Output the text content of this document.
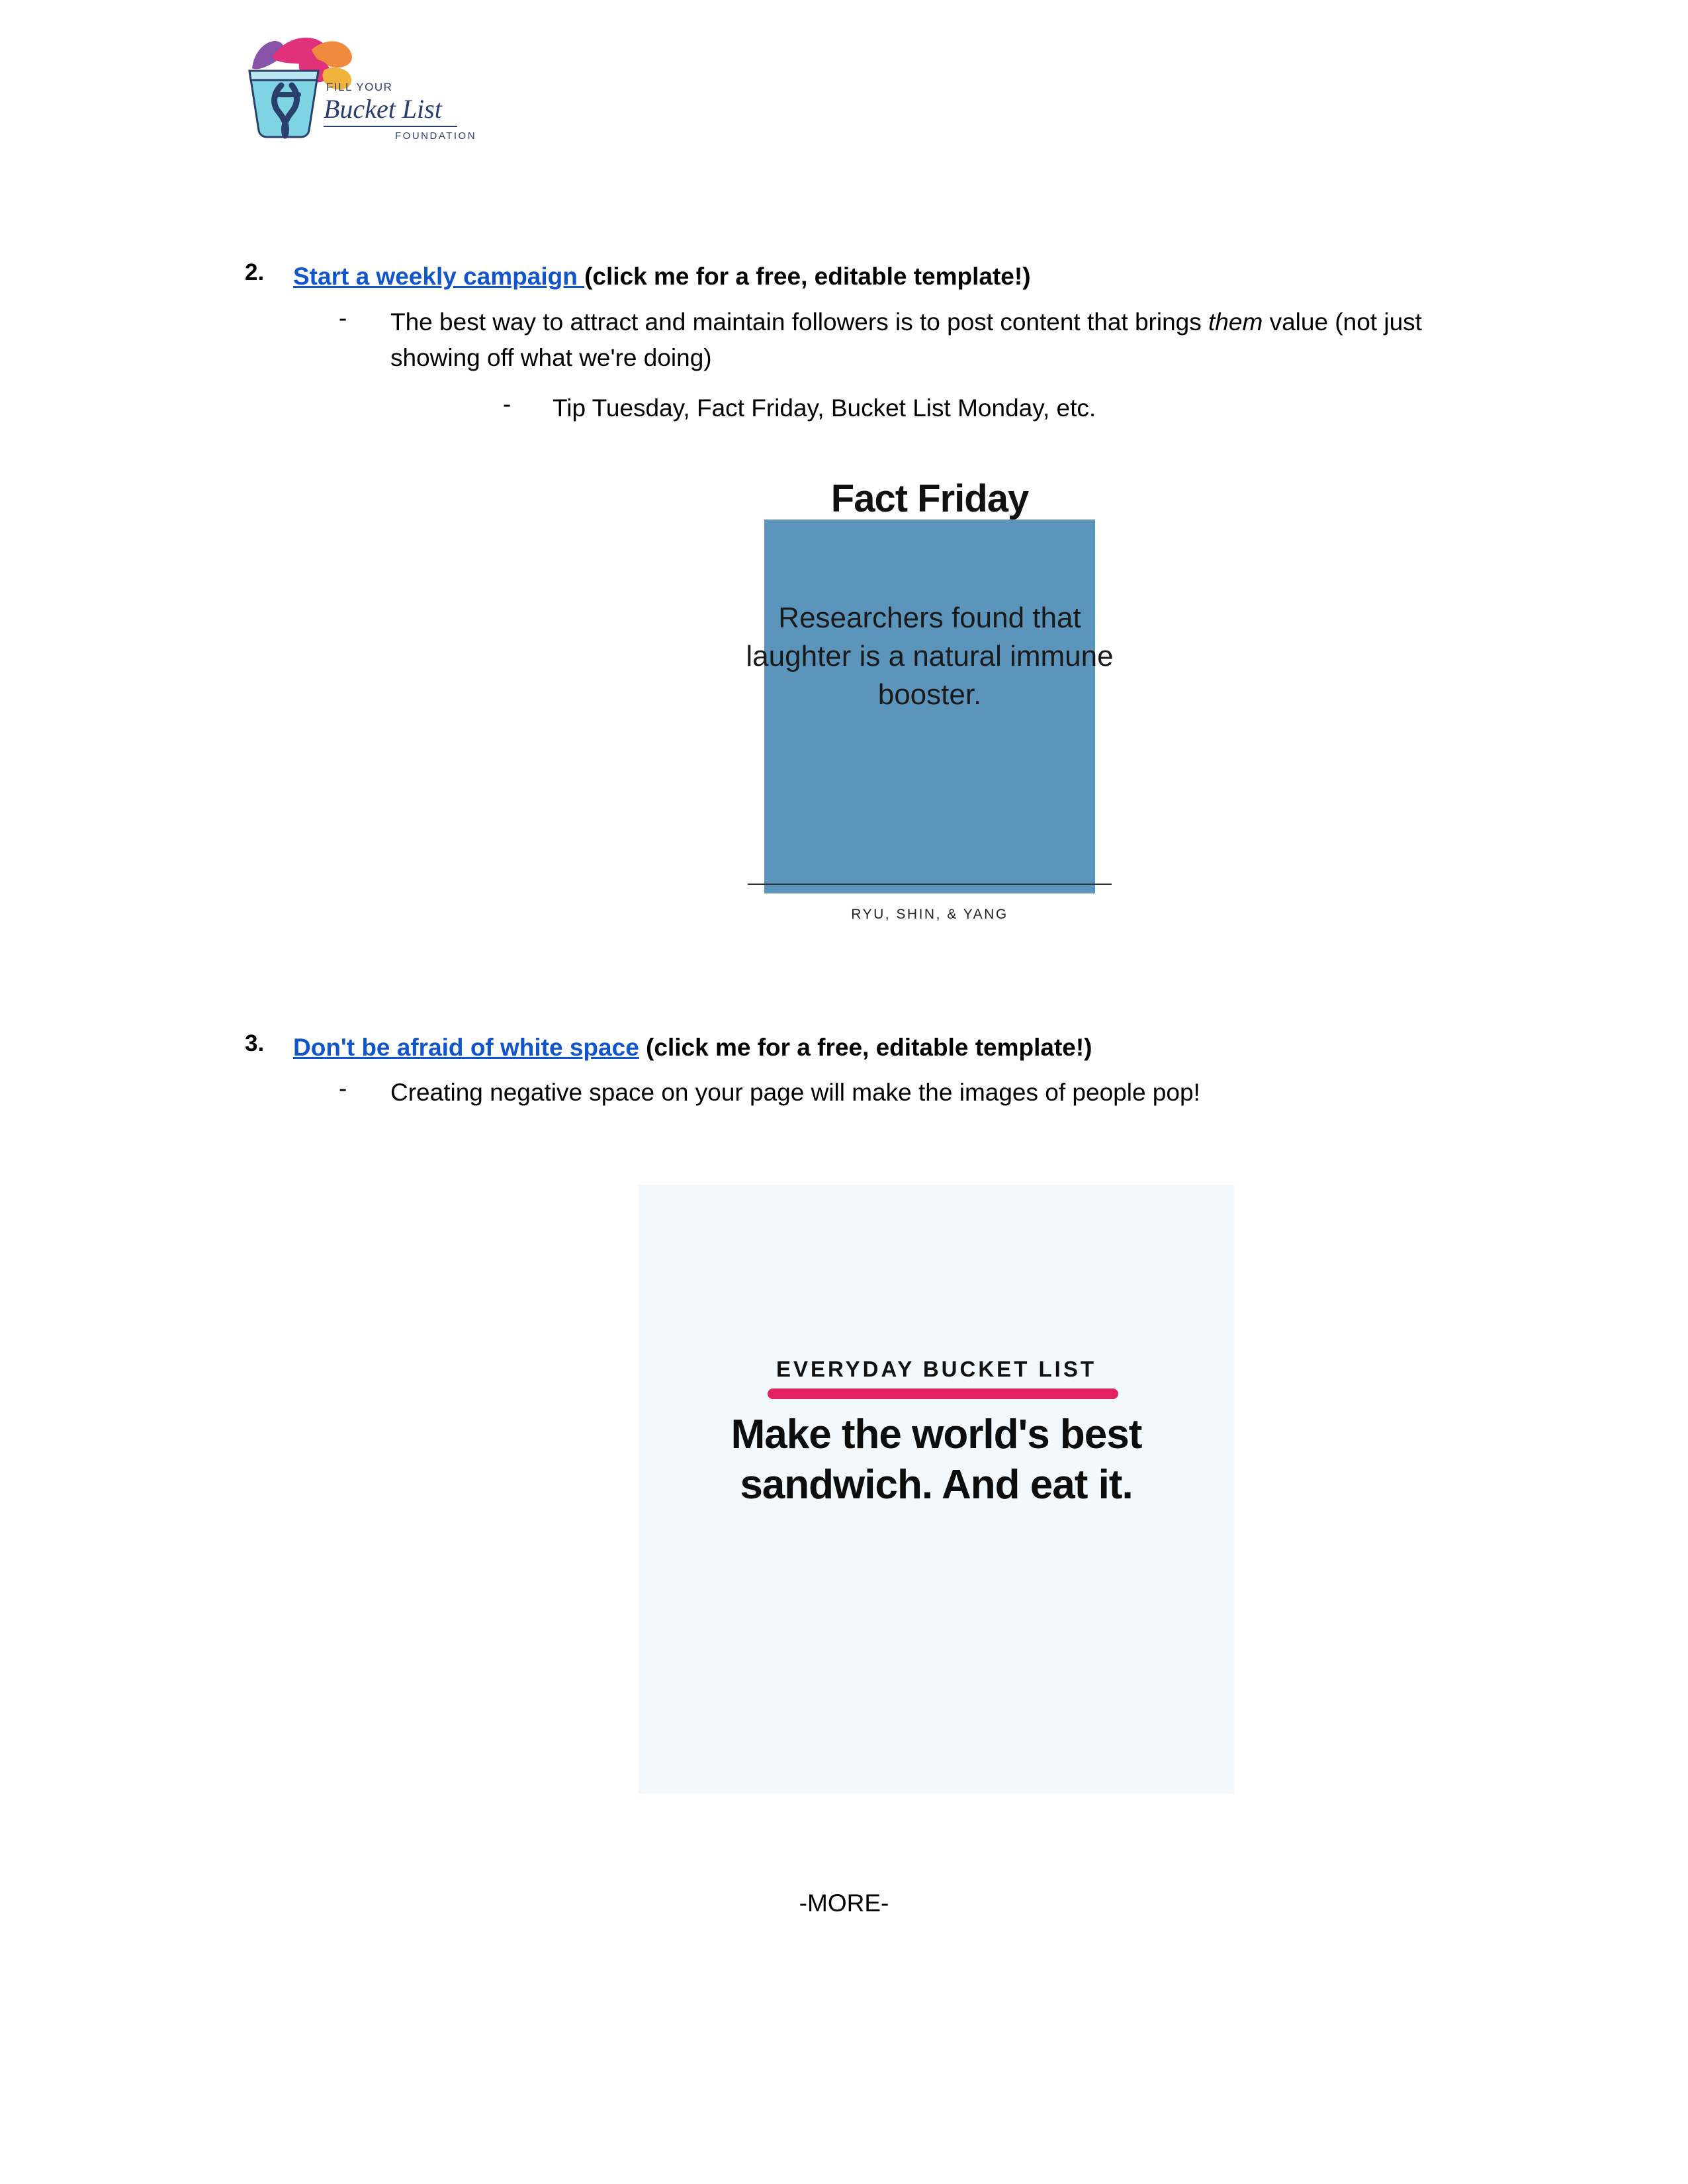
FILL YOUR
Bucket List
FOUNDATION
2. Start a weekly campaign (click me for a free, editable template!)
- The best way to attract and maintain followers is to post content that brings them value (not just showing off what we're doing)
- Tip Tuesday, Fact Friday, Bucket List Monday, etc.
3. Don't be afraid of white space (click me for a free, editable template!)
- Creating negative space on your page will make the images of people pop!
Fact Friday
Researchers found that laughter is a natural immune booster.
RYU, SHIN, & YANG
EVERYDAY BUCKET LIST
Make the world's best sandwich. And eat it.
-MORE-
